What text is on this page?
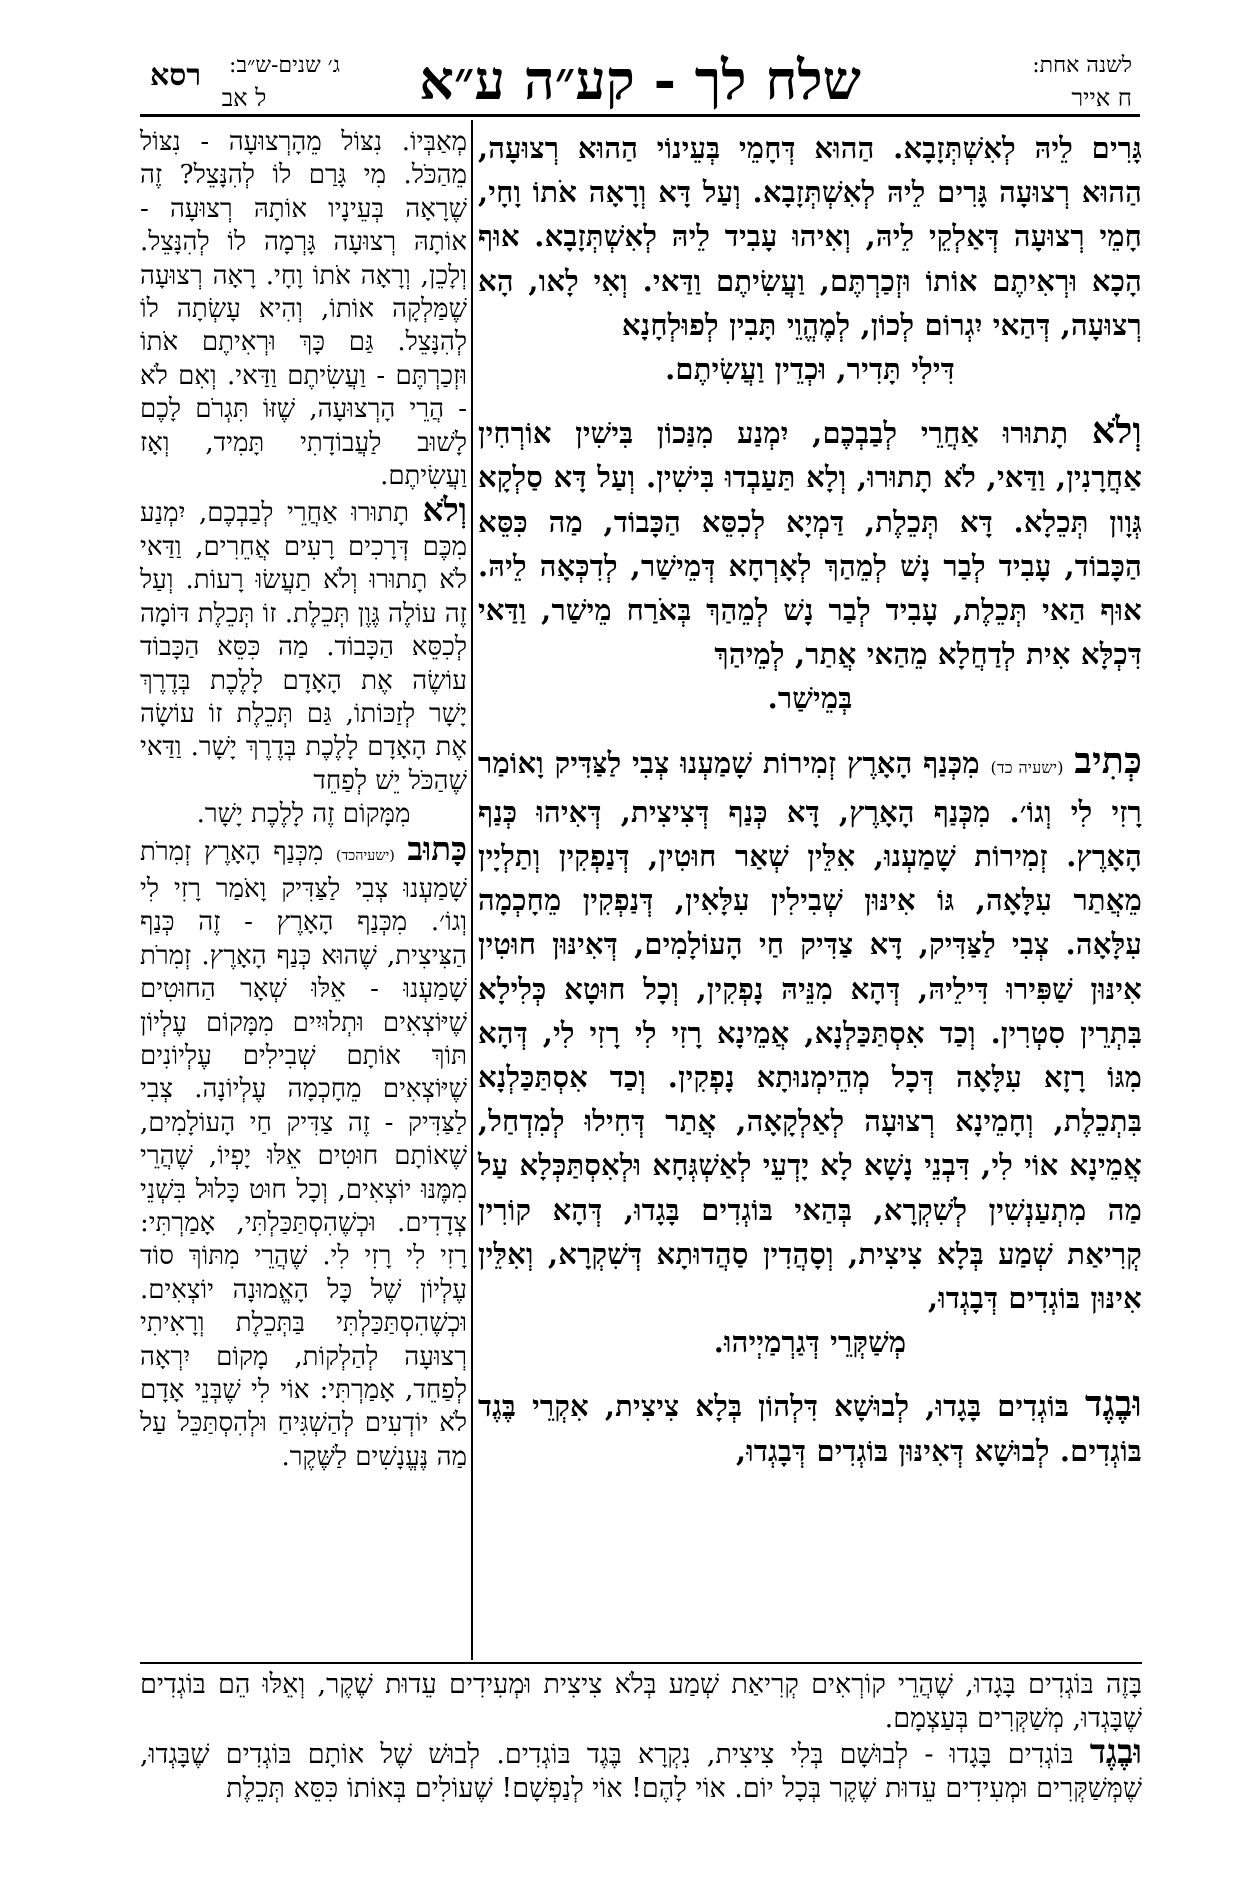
רסא	ג׳ שנים-ש״ב:
ל אב	שלח לך - קע״ה ע״א	לשנה אחת:
ח אייר

גָּרִים לֵיהּ לְאִשְׁתְּזָבָא. הַהוּא דְּחָמֵי בְּעֵינוֹי הַהוּא רְצוּעָה, הַהוּא רְצוּעָה גָּרִים לֵיהּ לְאִשְׁתְּזָבָא. וְעַל דָּא וְרָאָה אֹתוֹ וָחָי, חָמֵי רְצוּעָה דְּאַלְקֵי לֵיהּ, וְאִיהוּ עָבִיד לֵיהּ לְאִשְׁתְּזָבָא. אוּף הָכָא וּרְאִיתֶם אוֹתוֹ וּזְכַרְתֶּם, וַעֲשִׂיתֶם וַדַּאי. וְאִי לָאו, הָא רְצוּעָה, דְּהַאי יִגְרוֹם לְכוֹן, לְמֶהֱוֵי תָּבִין לְפוּלְחָנָא
דִּילִי תָּדִיר, וּכְדֵין וַעֲשִׂיתֶם.

וְלֹא תָתוּרוּ אַחֲרֵי לְבַבְכֶם, יִמְנַע מִנַּכוֹן בִּישִׁין אוֹרְחִין אַחֲרָנִין, וַדַּאי, לֹא תָתוּרוּ, וְלָא תַּעַבְדוּ בִּישִׁין. וְעַל דָּא סַלְקָא גְּוָון תְּכֵלָא. דָּא תְּכֵלֶת, דַּמְיָא לְכִסֵּא הַכָּבוֹד, מַה כִּסֵּא הַכָּבוֹד, עָבִיד לְבַר נָשׁ לְמֵהַךְ לְאָרְחָא דְּמֵישַׁר, לְדִכְּאָה לֵיהּ. אוּף הַאי תְּכֵלֶת, עָבִיד לְבַר נָשׁ לְמֵהַךְ בְּאֹרַח מֵישַׁר, וַדַּאי דִּכְלָּא אִית לְדַחֲלָא מֵהַאי אֲתַר, לְמֵיהַךְ
בְּמֵישַׁר.

כְּתִיב (ישעיה כד) מִכְּנַף הָאָרֶץ זְמִירוֹת שָׁמַעְנוּ צְבִי לַצַּדִּיק וָאוֹמַר רָזִי לִי וְגוֹ׳. מִכְּנַף הָאָרֶץ, דָּא כְּנַף דְּצִיצִית, דְּאִיהוּ כְּנַף הָאָרֶץ. זְמִירוֹת שָׁמַעְנוּ, אִלֵּין שְׁאַר חוּטִין, דְּנַפְקִין וְתַלְיָין מֵאֲתַר עִלָּאָה, גּוֹ אִינּוּן שְׁבִילִין עִלָּאִין, דְּנַפְקִין מֵחָכְמָה עִלָּאָה. צְבִי לַצַּדִּיק, דָּא צַדִּיק חַי הָעוֹלָמִים, דְּאִינּוּן חוּטִין אִינּוּן שַׁפִּירוּ דִּילֵיהּ, דְּהָא מִנֵּיהּ נָפְקִין, וְכָל חוּטָא כְּלִילָא בִּתְרֵין סִטְרִין. וְכַד אִסְתַּכַּלְנָא, אֲמֵינָא רָזִי לִי רָזִי לִי, דְּהָא מִגּוֹ רָזָא עִלָּאָה דְּכָל מְהֵימְנוּתָא נָפְקִין. וְכַד אִסְתַּכַּלְנָא בִּתְכֵלֶת, וְחָמֵינָא רְצוּעָה לְאַלְקָאָה, אֲתַר דְּחִילוּ לְמִדְחַל, אֲמֵינָא אוֹי לִי, דִּבְנֵי נָשָׁא לָא יָדְעֵי לְאַשְׁגְּחָא וּלְאִסְתַּכְּלָא עַל מַה מִתְעַנְשִׁין לְשִׁקְרָא, בְּהַאי בּוֹגְדִים בָּגָדוּ, דְּהָא קוֹרִין קְרִיאַת שְׁמַע בְּלָא צִיצִית, וְסָהֲדִין סַהֲדוּתָא דְּשִׁקְרָא, וְאִלֵּין אִינּוּן בּוֹגְדִים דְּבָגְדוּ,
מְשַׁקְּרֵי דְּגַרְמַיְיהוּ.

וּבֶגֶד בּוֹגְדִים בָּגָדוּ, לְבוּשָׁא דִּלְהוֹן בְּלָא צִיצִית, אִקְרֵי בֶּגֶד בּוֹגְדִים. לְבוּשָׁא דְּאִינּוּן בּוֹגְדִים דְּבָגְדוּ,

מְאַבְּיוֹ. נִצּוֹל מֵהָרְצוּעָה - נִצּוֹל מֵהַכֹּל. מִי גָּרַם לוֹ לְהִנָּצֵל? זֶה שֶׁרָאָה בְּעֵינָיו אוֹתָהּ רְצוּעָה - אוֹתָהּ רְצוּעָה גָּרְמָה לוֹ לְהִנָּצֵל. וְלָכֵן, וְרָאָה אֹתוֹ וָחָי. רָאָה רְצוּעָה שֶׁמַּלְקָה אוֹתוֹ, וְהִיא עָשְׂתָה לוֹ לְהִנָּצֵל. גַּם כָּךְ וּרְאִיתֶם אֹתוֹ וּזְכַרְתֶּם - וַעֲשִׂיתֶם וַדַּאי. וְאִם לֹא - הֲרֵי הָרְצוּעָה, שֶׁזּוֹ תִּגְרֹם לָכֶם לָשׁוּב לַעֲבוֹדָתִי תָּמִיד, וְאָז וַעֲשִׂיתֶם.

וְלֹא תָתוּרוּ אַחֲרֵי לְבַבְכֶם, יִמְנַע מִכֶּם דְּרָכִים רָעִים אֲחֵרִים, וַדַּאי לֹא תָתוּרוּ וְלֹא תַעֲשׂוּ רָעוֹת. וְעַל זֶה עוֹלֶה גֶּוֶן תְּכֵלֶת. זוֹ תְּכֵלֶת דּוֹמָה לְכִסֵּא הַכָּבוֹד. מַה כִּסֵּא הַכָּבוֹד עוֹשֶׂה אֶת הָאָדָם לָלֶכֶת בְּדֶרֶךְ יָשָׁר לְזַכּוֹתוֹ, גַּם תְּכֵלֶת זוֹ עוֹשָׂה אֶת הָאָדָם לָלֶכֶת בְּדֶרֶךְ יָשָׁר. וַדַּאי שֶׁהַכֹּל יֵשׁ לְפַחֵד
מִמָּקוֹם זֶה לָלֶכֶת יָשָׁר.

כָּתוּב (ישעיהכד) מִכְּנַף הָאָרֶץ זְמִרֹת שָׁמַעְנוּ צְבִי לַצַּדִּיק וָאֹמַר רָזִי לִי וְגוֹ׳. מִכְּנַף הָאָרֶץ - זֶה כְּנַף הַצִּיצִית, שֶׁהוּא כְּנַף הָאָרֶץ. זְמִרֹת שָׁמַעְנוּ - אֵלּוּ שְׁאָר הַחוּטִים שֶׁיּוֹצְאִים וּתְלוּיִים מִמָּקוֹם עֶלְיוֹן תּוֹךְ אוֹתָם שְׁבִילִים עֶלְיוֹנִים שֶׁיּוֹצְאִים מֵחָכְמָה עֶלְיוֹנָה. צְבִי לַצַּדִּיק - זֶה צַדִּיק חַי הָעוֹלָמִים, שֶׁאוֹתָם חוּטִים אֵלּוּ יָפְיוֹ, שֶׁהֲרֵי מִמֶּנּוּ יוֹצְאִים, וְכָל חוּט כָּלוּל בִּשְׁנֵי צְדָדִים. וּכְשֶׁהִסְתַּכַּלְתִּי, אָמַרְתִּי: רָזִי לִי רָזִי לִי. שֶׁהֲרֵי מִתּוֹךְ סוֹד עֶלְיוֹן שֶׁל כָּל הָאֱמוּנָה יוֹצְאִים. וּכְשֶׁהִסְתַּכַּלְתִּי בַּתְּכֵלֶת וְרָאִיתִי רְצוּעָה לְהַלְקוֹת, מָקוֹם יִרְאָה לְפַחֵד, אָמַרְתִּי: אוֹי לִי שֶׁבְּנֵי אָדָם לֹא יוֹדְעִים לְהַשְׁגִּיחַ וּלְהִסְתַּכֵּל עַל מַה נֶּעֱנָשִׁים לַשֶּׁקֶר.

בָּזֶה בּוֹגְדִים בָּגָדוּ, שֶׁהֲרֵי קוֹרְאִים קְרִיאַת שְׁמַע בְּלֹא צִיצִית וּמְעִידִים עֵדוּת שֶׁקֶר, וְאֵלּוּ הֵם בּוֹגְדִים שֶׁבָּגְדוּ, מְשַׁקְּרִים בְּעַצְמָם.

וּבֶגֶד בּוֹגְדִים בָּגָדוּ - לְבוּשָׁם בְּלִי צִיצִית, נִקְרָא בֶּגֶד בּוֹגְדִים. לְבוּשׁ שֶׁל אוֹתָם בּוֹגְדִים שֶׁבָּגְדוּ, שֶׁמְּשַׁקְּרִים וּמְעִידִים עֵדוּת שֶׁקֶר בְּכָל יוֹם. אוֹי לָהֶם! אוֹי לְנַפְשָׁם! שֶׁעוֹלִים בְּאוֹתוֹ כִּסֵּא תְּכֵלֶת
